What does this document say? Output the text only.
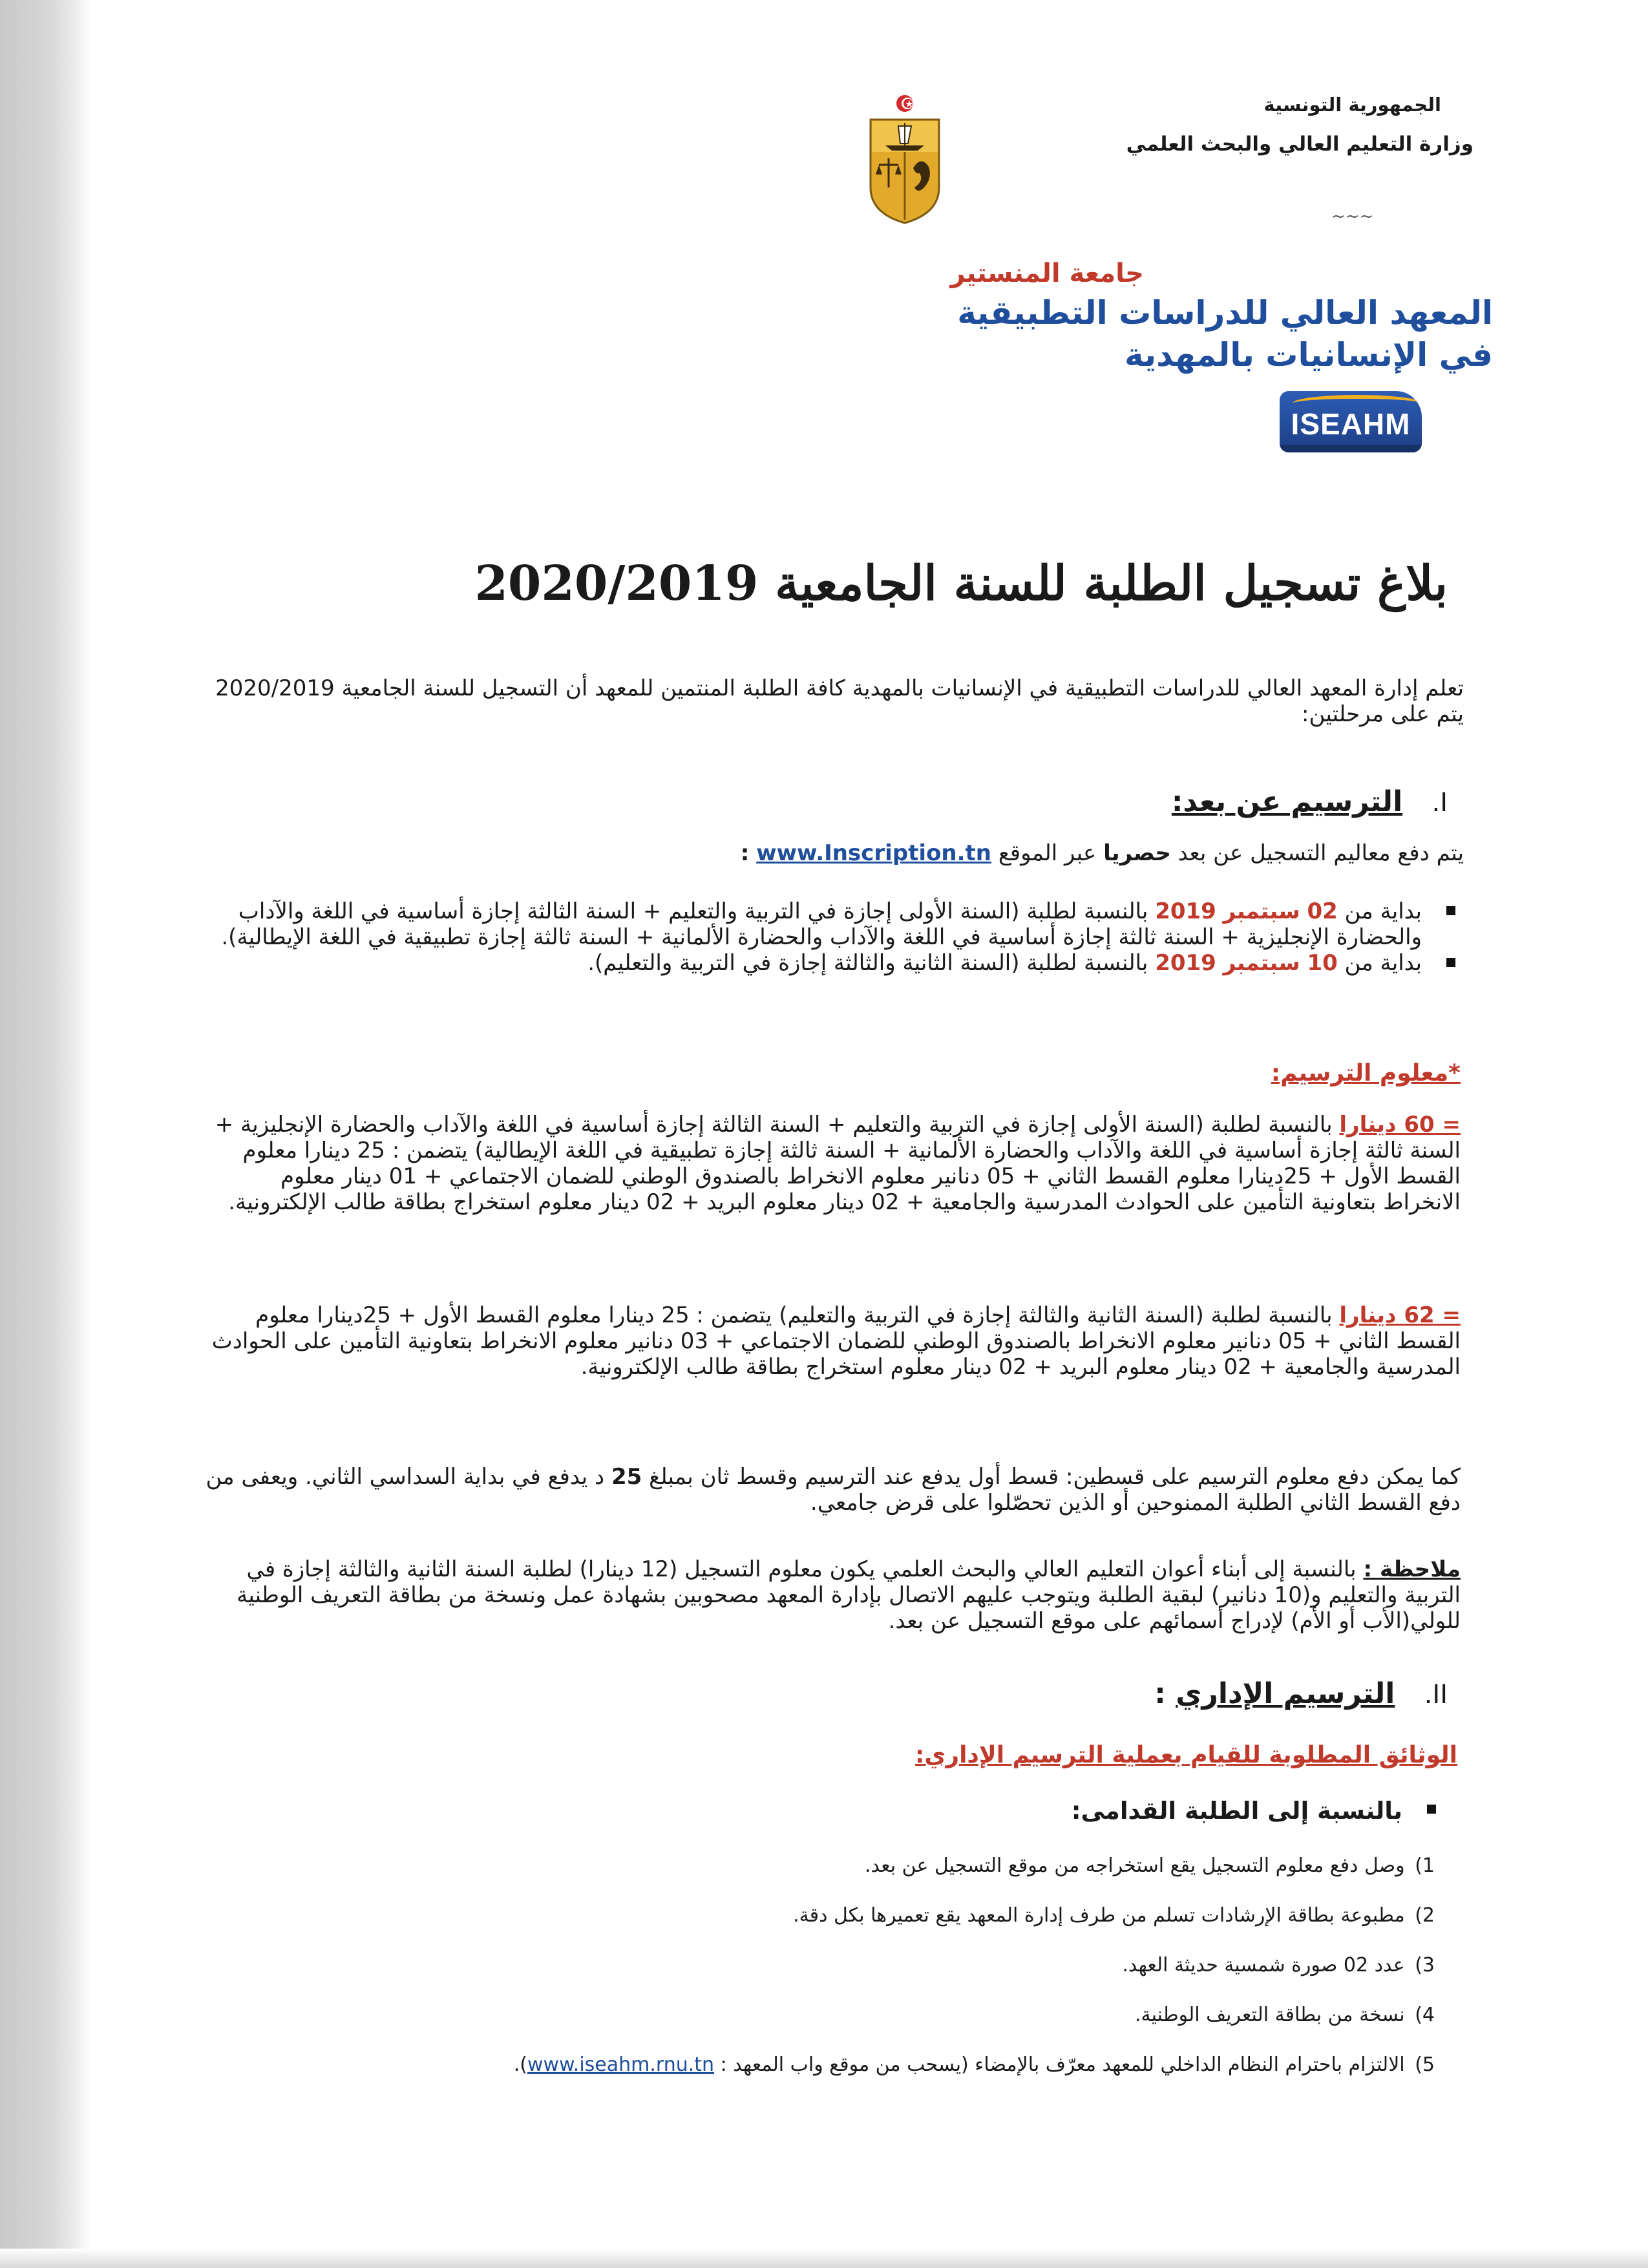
الجمهورية التونسية
وزارة التعليم العالي والبحث العلمي
~~~
جامعة المنستير
المعهد العالي للدراسات التطبيقية
في الإنسانيات بالمهدية
ISEAHM
بلاغ تسجيل الطلبة للسنة الجامعية 2020/2019
تعلم إدارة المعهد العالي للدراسات التطبيقية في الإنسانيات بالمهدية كافة الطلبة المنتمين للمعهد أن التسجيل للسنة الجامعية 2020/2019 يتم على مرحلتين:
I. الترسيم عن بعد:
يتم دفع معاليم التسجيل عن بعد حصريا عبر الموقع www.Inscription.tn :
بداية من 02 سبتمبر 2019 بالنسبة لطلبة (السنة الأولى إجازة في التربية والتعليم + السنة الثالثة إجازة أساسية في اللغة والآداب والحضارة الإنجليزية + السنة ثالثة إجازة أساسية في اللغة والآداب والحضارة الألمانية + السنة ثالثة إجازة تطبيقية في اللغة الإيطالية).
بداية من 10 سبتمبر 2019 بالنسبة لطلبة (السنة الثانية والثالثة إجازة في التربية والتعليم).
*معلوم الترسيم:
= 60 دينارا بالنسبة لطلبة (السنة الأولى إجازة في التربية والتعليم + السنة الثالثة إجازة أساسية في اللغة والآداب والحضارة الإنجليزية + السنة ثالثة إجازة أساسية في اللغة والآداب والحضارة الألمانية + السنة ثالثة إجازة تطبيقية في اللغة الإيطالية) يتضمن : 25 دينارا معلوم القسط الأول + 25دينارا معلوم القسط الثاني + 05 دنانير معلوم الانخراط بالصندوق الوطني للضمان الاجتماعي + 01 دينار معلوم الانخراط بتعاونية التأمين على الحوادث المدرسية والجامعية + 02 دينار معلوم البريد + 02 دينار معلوم استخراج بطاقة طالب الإلكترونية.
= 62 دينارا بالنسبة لطلبة (السنة الثانية والثالثة إجازة في التربية والتعليم) يتضمن : 25 دينارا معلوم القسط الأول + 25دينارا معلوم القسط الثاني + 05 دنانير معلوم الانخراط بالصندوق الوطني للضمان الاجتماعي + 03 دنانير معلوم الانخراط بتعاونية التأمين على الحوادث المدرسية والجامعية + 02 دينار معلوم البريد + 02 دينار معلوم استخراج بطاقة طالب الإلكترونية.
كما يمكن دفع معلوم الترسيم على قسطين: قسط أول يدفع عند الترسيم وقسط ثان بمبلغ 25 د يدفع في بداية السداسي الثاني. ويعفى من دفع القسط الثاني الطلبة الممنوحين أو الذين تحصّلوا على قرض جامعي.
ملاحظة : بالنسبة إلى أبناء أعوان التعليم العالي والبحث العلمي يكون معلوم التسجيل (12 دينارا) لطلبة السنة الثانية والثالثة إجازة في التربية والتعليم و(10 دنانير) لبقية الطلبة ويتوجب عليهم الاتصال بإدارة المعهد مصحوبين بشهادة عمل ونسخة من بطاقة التعريف الوطنية للولي(الأب أو الأم) لإدراج أسمائهم على موقع التسجيل عن بعد.
II. الترسيم الإداري :
الوثائق المطلوبة للقيام بعملية الترسيم الإداري:
بالنسبة إلى الطلبة القدامى:
1) وصل دفع معلوم التسجيل يقع استخراجه من موقع التسجيل عن بعد.
2) مطبوعة بطاقة الإرشادات تسلم من طرف إدارة المعهد يقع تعميرها بكل دقة.
3) عدد 02 صورة شمسية حديثة العهد.
4) نسخة من بطاقة التعريف الوطنية.
5) الالتزام باحترام النظام الداخلي للمعهد معرّف بالإمضاء (يسحب من موقع واب المعهد : www.iseahm.rnu.tn).
